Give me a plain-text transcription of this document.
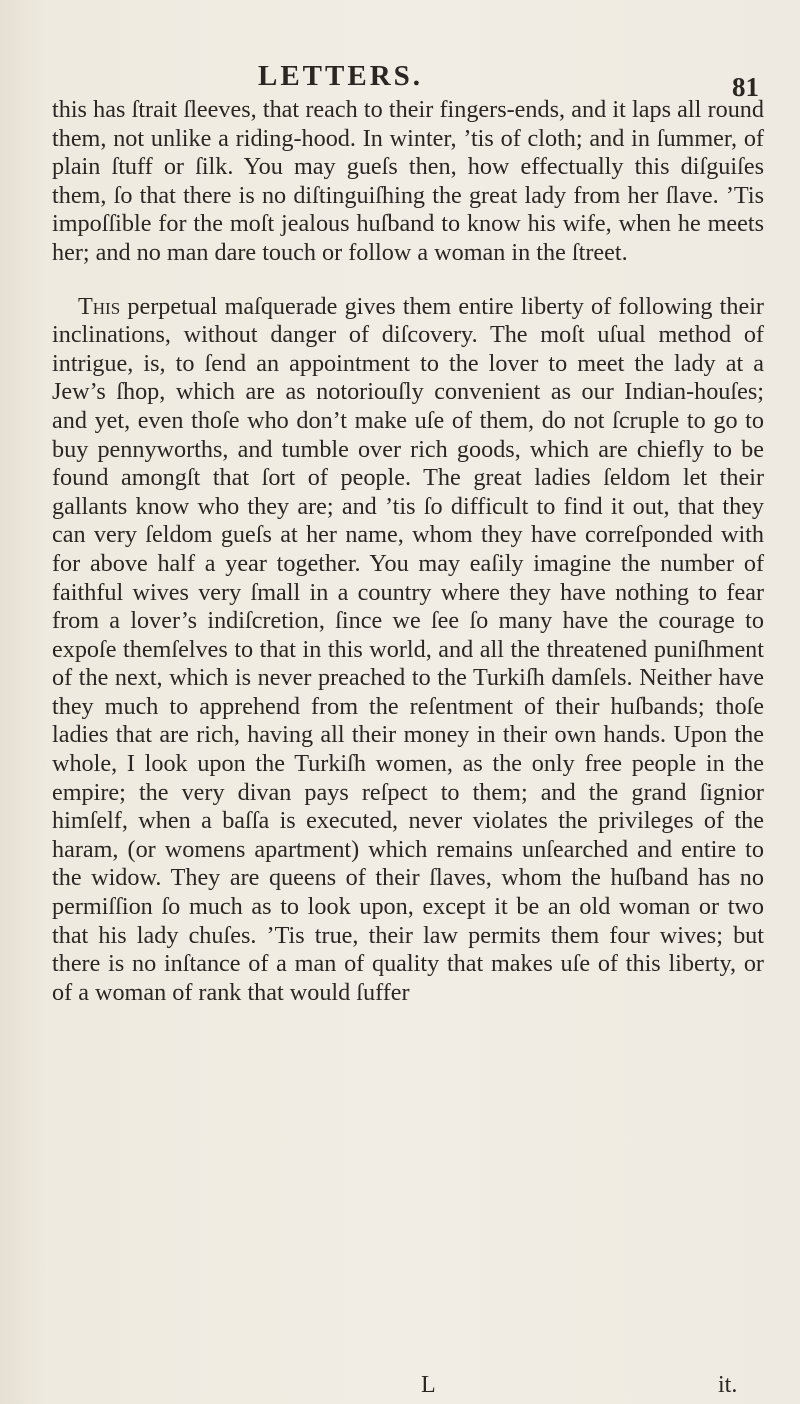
LETTERS.	81

this has ſtrait ſleeves, that reach to their fingers-ends, and it laps all round them, not unlike a riding-hood. In winter, ’tis of cloth; and in ſummer, of plain ſtuff or ſilk. You may gueſs then, how effectually this diſguiſes them, ſo that there is no diſtinguiſhing the great lady from her ſlave. ’Tis impoſſible for the moſt jealous huſband to know his wife, when he meets her; and no man dare touch or follow a woman in the ſtreet.

This perpetual maſquerade gives them entire liberty of following their inclinations, without danger of diſcovery. The moſt uſual method of intrigue, is, to ſend an appointment to the lover to meet the lady at a Jew’s ſhop, which are as notoriouſly convenient as our Indian-houſes; and yet, even thoſe who don’t make uſe of them, do not ſcruple to go to buy pennyworths, and tumble over rich goods, which are chiefly to be found amongſt that ſort of people. The great ladies ſeldom let their gallants know who they are; and ’tis ſo difficult to find it out, that they can very ſeldom gueſs at her name, whom they have correſponded with for above half a year together. You may eaſily imagine the number of faithful wives very ſmall in a country where they have nothing to fear from a lover’s indiſcretion, ſince we ſee ſo many have the courage to expoſe themſelves to that in this world, and all the threatened puniſhment of the next, which is never preached to the Turkiſh damſels. Neither have they much to apprehend from the reſentment of their huſbands; thoſe ladies that are rich, having all their money in their own hands. Upon the whole, I look upon the Turkiſh women, as the only free people in the empire; the very divan pays reſpect to them; and the grand ſignior himſelf, when a baſſa is executed, never violates the privileges of the haram, (or womens apartment) which remains unſearched and entire to the widow. They are queens of their ſlaves, whom the huſband has no permiſſion ſo much as to look upon, except it be an old woman or two that his lady chuſes. ’Tis true, their law permits them four wives; but there is no inſtance of a man of quality that makes uſe of this liberty, or of a woman of rank that would ſuffer

L	it.
